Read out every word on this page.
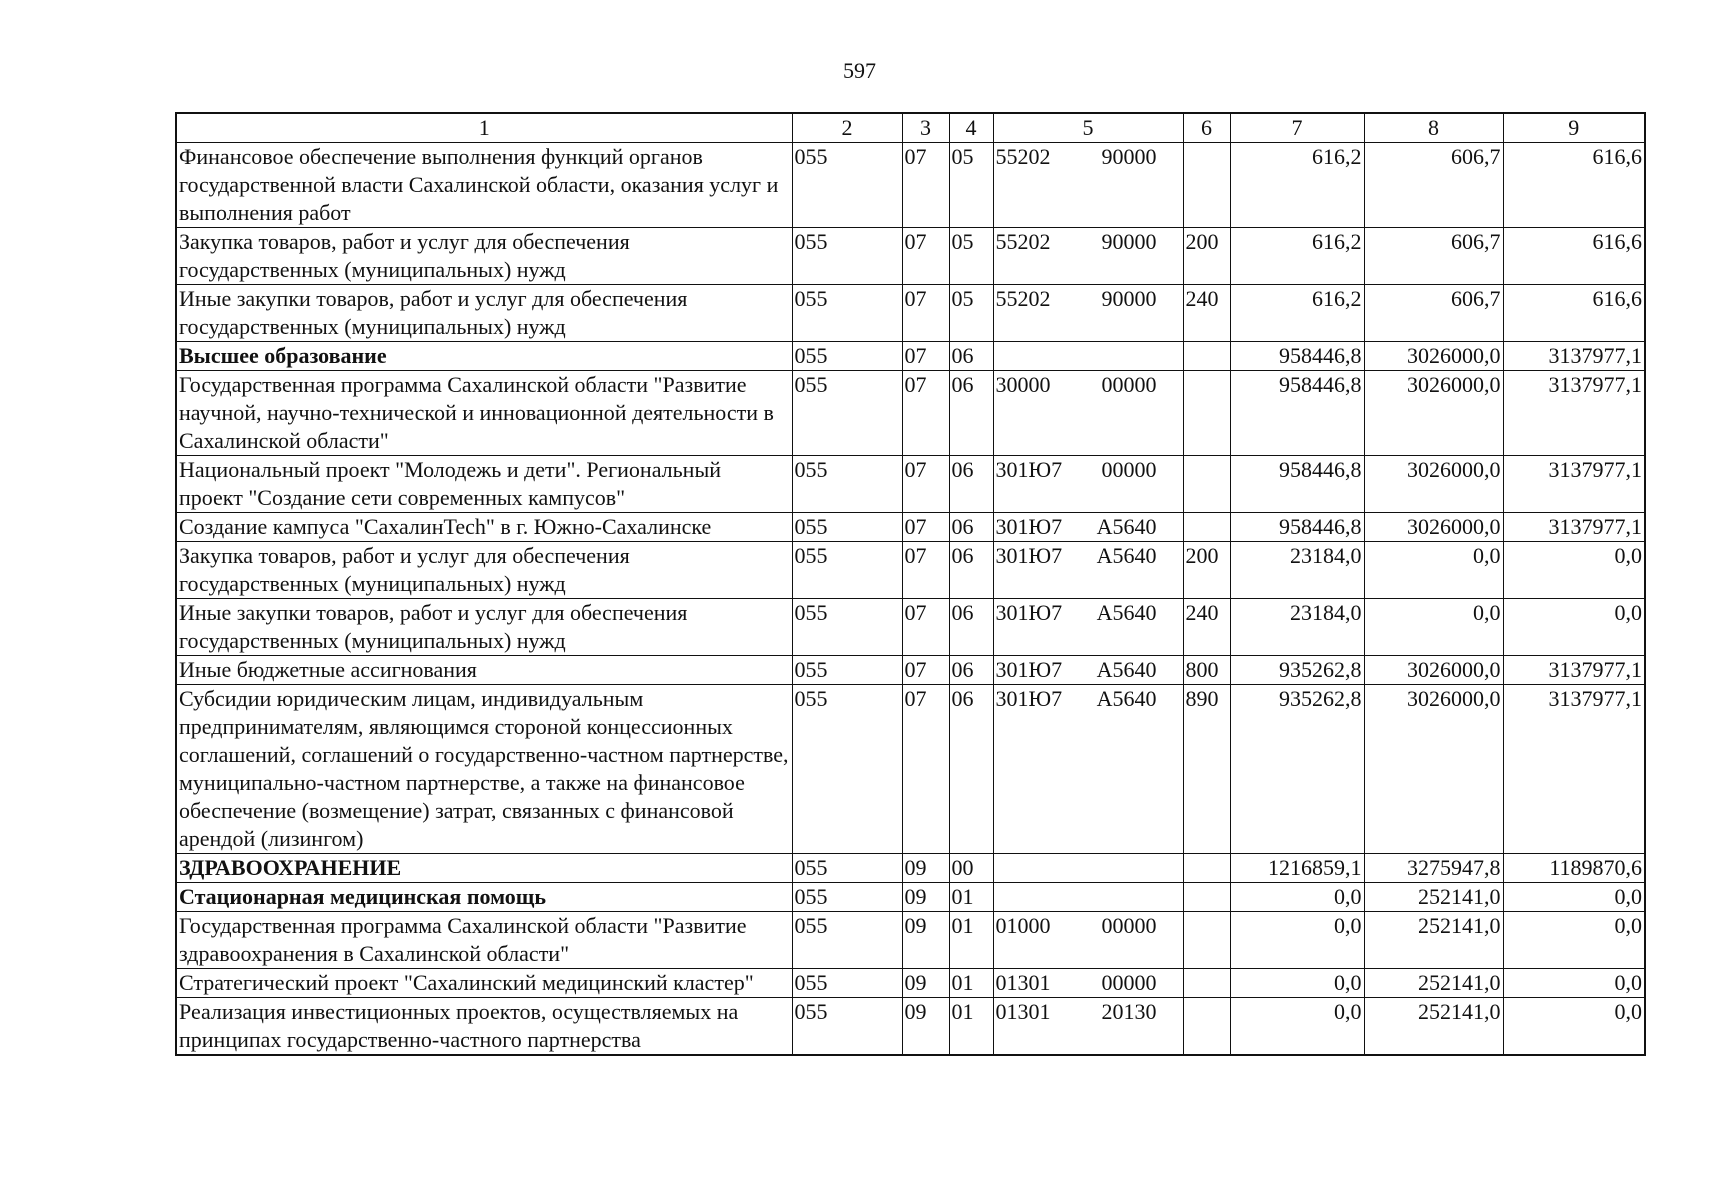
597
1	2	3	4	5	6	7	8	9
Финансовое обеспечение выполнения функций органов государственной власти Сахалинской области, оказания услуг и выполнения работ	055	07	05	55202 90000		616,2	606,7	616,6
Закупка товаров, работ и услуг для обеспечения государственных (муниципальных) нужд	055	07	05	55202 90000	200	616,2	606,7	616,6
Иные закупки товаров, работ и услуг для обеспечения государственных (муниципальных) нужд	055	07	05	55202 90000	240	616,2	606,7	616,6
Высшее образование	055	07	06			958446,8	3026000,0	3137977,1
Государственная программа Сахалинской области "Развитие научной, научно-технической и инновационной деятельности в Сахалинской области"	055	07	06	30000 00000		958446,8	3026000,0	3137977,1
Национальный проект "Молодежь и дети". Региональный проект "Создание сети современных кампусов"	055	07	06	301Ю7 00000		958446,8	3026000,0	3137977,1
Создание кампуса "СахалинTech" в г. Южно-Сахалинске	055	07	06	301Ю7 А5640		958446,8	3026000,0	3137977,1
Закупка товаров, работ и услуг для обеспечения государственных (муниципальных) нужд	055	07	06	301Ю7 А5640	200	23184,0	0,0	0,0
Иные закупки товаров, работ и услуг для обеспечения государственных (муниципальных) нужд	055	07	06	301Ю7 А5640	240	23184,0	0,0	0,0
Иные бюджетные ассигнования	055	07	06	301Ю7 А5640	800	935262,8	3026000,0	3137977,1
Субсидии юридическим лицам, индивидуальным предпринимателям, являющимся стороной концессионных соглашений, соглашений о государственно-частном партнерстве, муниципально-частном партнерстве, а также на финансовое обеспечение (возмещение) затрат, связанных с финансовой арендой (лизингом)	055	07	06	301Ю7 А5640	890	935262,8	3026000,0	3137977,1
ЗДРАВООХРАНЕНИЕ	055	09	00			1216859,1	3275947,8	1189870,6
Стационарная медицинская помощь	055	09	01			0,0	252141,0	0,0
Государственная программа Сахалинской области "Развитие здравоохранения в Сахалинской области"	055	09	01	01000 00000		0,0	252141,0	0,0
Стратегический проект "Сахалинский медицинский кластер"	055	09	01	01301 00000		0,0	252141,0	0,0
Реализация инвестиционных проектов, осуществляемых на принципах государственно-частного партнерства	055	09	01	01301 20130		0,0	252141,0	0,0
